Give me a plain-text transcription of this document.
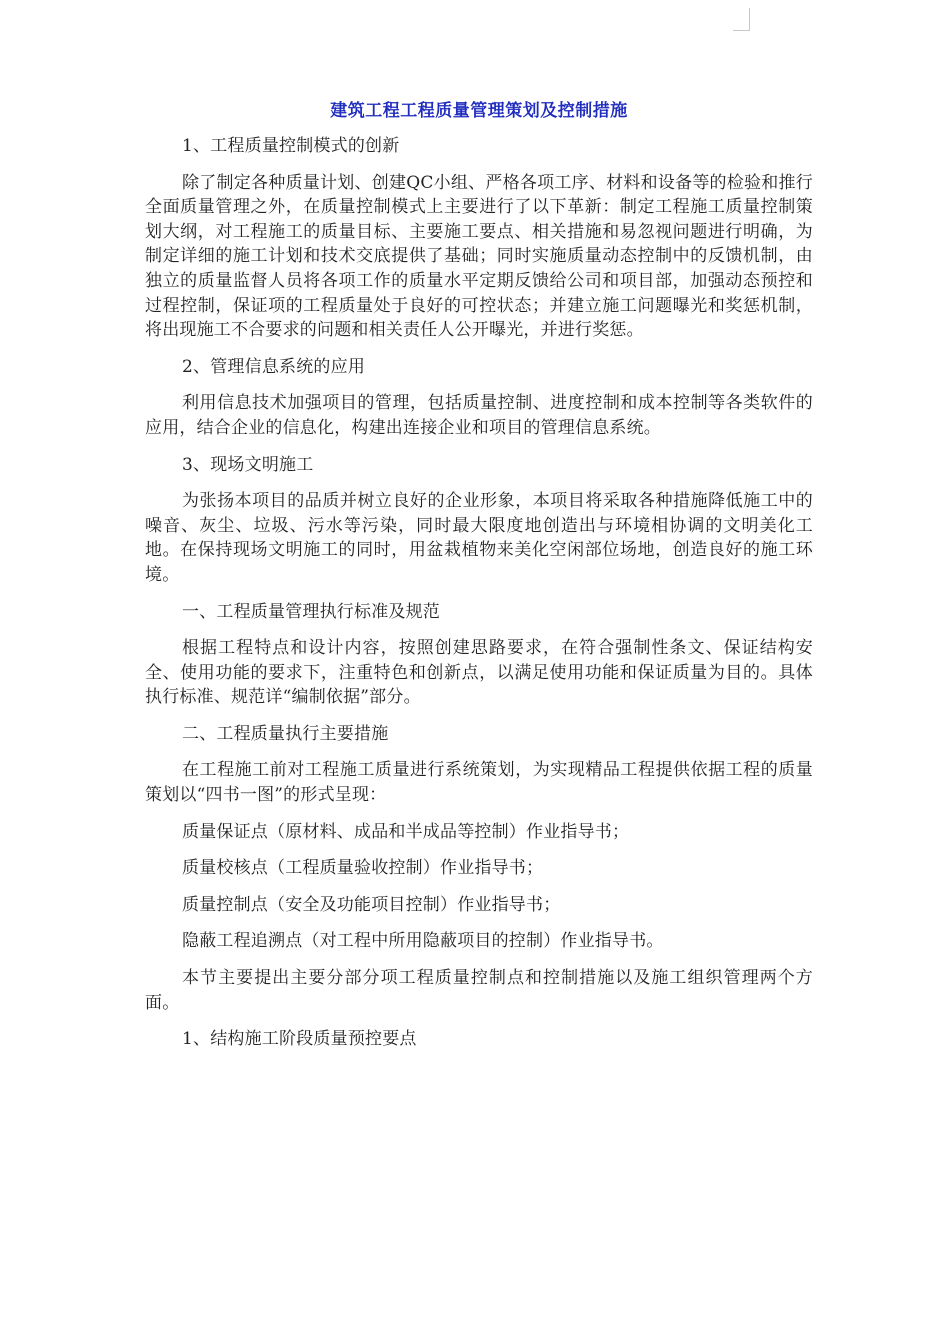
建筑工程工程质量管理策划及控制措施

1、工程质量控制模式的创新

除了制定各种质量计划、创建QC小组、严格各项工序、材料和设备等的检验和推行全面质量管理之外，在质量控制模式上主要进行了以下革新：制定工程施工质量控制策划大纲，对工程施工的质量目标、主要施工要点、相关措施和易忽视问题进行明确，为制定详细的施工计划和技术交底提供了基础；同时实施质量动态控制中的反馈机制，由独立的质量监督人员将各项工作的质量水平定期反馈给公司和项目部，加强动态预控和过程控制，保证项的工程质量处于良好的可控状态；并建立施工问题曝光和奖惩机制，将出现施工不合要求的问题和相关责任人公开曝光，并进行奖惩。

2、管理信息系统的应用

利用信息技术加强项目的管理，包括质量控制、进度控制和成本控制等各类软件的应用，结合企业的信息化，构建出连接企业和项目的管理信息系统。

3、现场文明施工

为张扬本项目的品质并树立良好的企业形象，本项目将采取各种措施降低施工中的噪音、灰尘、垃圾、污水等污染，同时最大限度地创造出与环境相协调的文明美化工地。在保持现场文明施工的同时，用盆栽植物来美化空闲部位场地，创造良好的施工环境。

一、工程质量管理执行标准及规范

根据工程特点和设计内容，按照创建思路要求，在符合强制性条文、保证结构安全、使用功能的要求下，注重特色和创新点，以满足使用功能和保证质量为目的。具体执行标准、规范详“编制依据”部分。

二、工程质量执行主要措施

在工程施工前对工程施工质量进行系统策划，为实现精品工程提供依据工程的质量策划以“四书一图”的形式呈现：

质量保证点（原材料、成品和半成品等控制）作业指导书；

质量校核点（工程质量验收控制）作业指导书；

质量控制点（安全及功能项目控制）作业指导书；

隐蔽工程追溯点（对工程中所用隐蔽项目的控制）作业指导书。

本节主要提出主要分部分项工程质量控制点和控制措施以及施工组织管理两个方面。

1、结构施工阶段质量预控要点
